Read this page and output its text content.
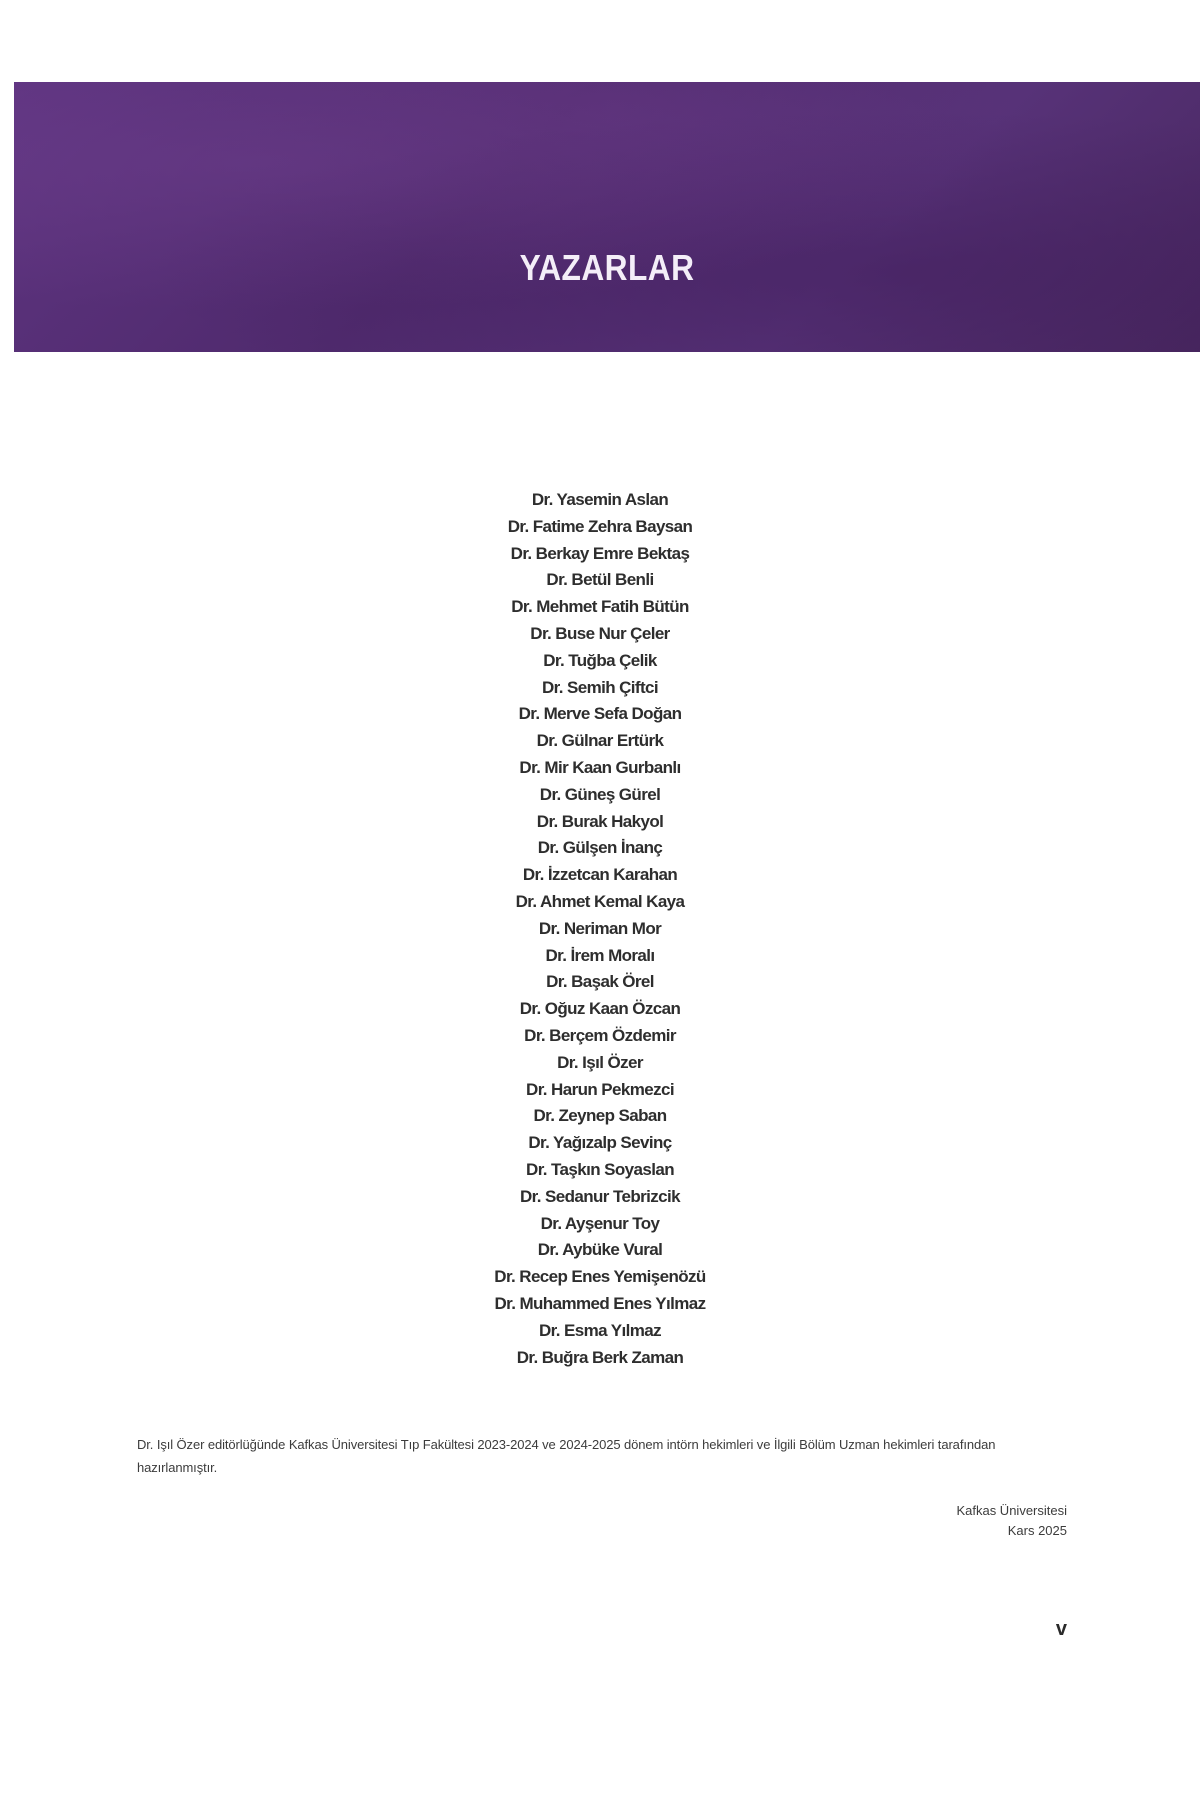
YAZARLAR
Dr. Yasemin Aslan
Dr. Fatime Zehra Baysan
Dr. Berkay Emre Bektaş
Dr. Betül Benli
Dr. Mehmet Fatih Bütün
Dr. Buse Nur Çeler
Dr. Tuğba Çelik
Dr. Semih Çiftci
Dr. Merve Sefa Doğan
Dr. Gülnar Ertürk
Dr. Mir Kaan Gurbanlı
Dr. Güneş Gürel
Dr. Burak Hakyol
Dr. Gülşen İnanç
Dr. İzzetcan Karahan
Dr. Ahmet Kemal Kaya
Dr. Neriman Mor
Dr. İrem Moralı
Dr. Başak Örel
Dr. Oğuz Kaan Özcan
Dr. Berçem Özdemir
Dr. Işıl Özer
Dr. Harun Pekmezci
Dr. Zeynep Saban
Dr. Yağızalp Sevinç
Dr. Taşkın Soyaslan
Dr. Sedanur Tebrizcik
Dr. Ayşenur Toy
Dr. Aybüke Vural
Dr. Recep Enes Yemişenözü
Dr. Muhammed Enes Yılmaz
Dr. Esma Yılmaz
Dr. Buğra Berk Zaman

Dr. Işıl Özer editörlüğünde Kafkas Üniversitesi Tıp Fakültesi 2023-2024 ve 2024-2025 dönem intörn hekimleri ve İlgili Bölüm Uzman hekimleri tarafından hazırlanmıştır.

Kafkas Üniversitesi
Kars 2025
v
